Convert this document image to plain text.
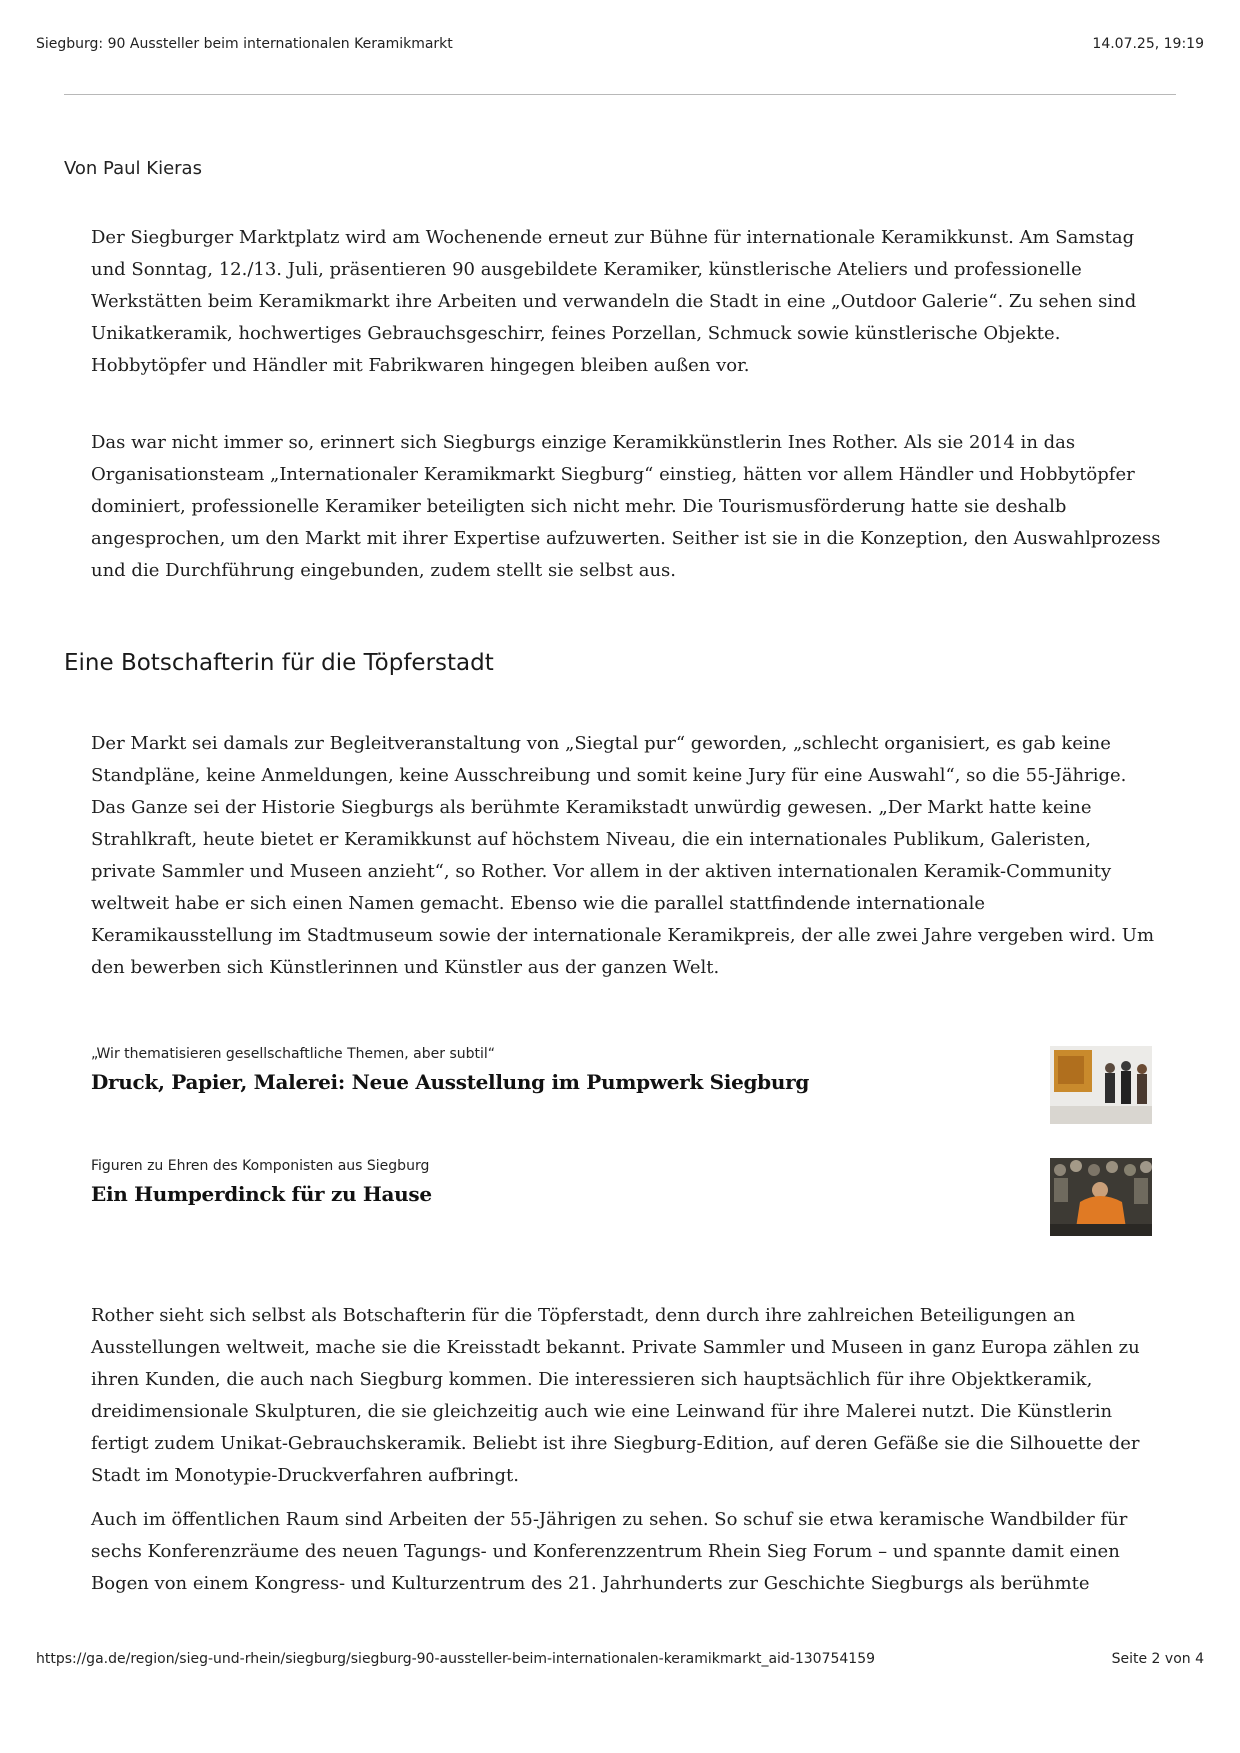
Siegburg: 90 Aussteller beim internationalen Keramikmarkt	14.07.25, 19:19
Von Paul Kieras

Der Siegburger Marktplatz wird am Wochenende erneut zur Bühne für internationale Keramikkunst. Am Samstag und Sonntag, 12./13. Juli, präsentieren 90 ausgebildete Keramiker, künstlerische Ateliers und professionelle Werkstätten beim Keramikmarkt ihre Arbeiten und verwandeln die Stadt in eine „Outdoor Galerie“. Zu sehen sind Unikatkeramik, hochwertiges Gebrauchsgeschirr, feines Porzellan, Schmuck sowie künstlerische Objekte. Hobbytöpfer und Händler mit Fabrikwaren hingegen bleiben außen vor.

Das war nicht immer so, erinnert sich Siegburgs einzige Keramikkünstlerin Ines Rother. Als sie 2014 in das Organisationsteam „Internationaler Keramikmarkt Siegburg“ einstieg, hätten vor allem Händler und Hobbytöpfer dominiert, professionelle Keramiker beteiligten sich nicht mehr. Die Tourismusförderung hatte sie deshalb angesprochen, um den Markt mit ihrer Expertise aufzuwerten. Seither ist sie in die Konzeption, den Auswahlprozess und die Durchführung eingebunden, zudem stellt sie selbst aus.

Eine Botschafterin für die Töpferstadt

Der Markt sei damals zur Begleitveranstaltung von „Siegtal pur“ geworden, „schlecht organisiert, es gab keine Standpläne, keine Anmeldungen, keine Ausschreibung und somit keine Jury für eine Auswahl“, so die 55-Jährige. Das Ganze sei der Historie Siegburgs als berühmte Keramikstadt unwürdig gewesen. „Der Markt hatte keine Strahlkraft, heute bietet er Keramikkunst auf höchstem Niveau, die ein internationales Publikum, Galeristen, private Sammler und Museen anzieht“, so Rother. Vor allem in der aktiven internationalen Keramik-Community weltweit habe er sich einen Namen gemacht. Ebenso wie die parallel stattfindende internationale Keramikausstellung im Stadtmuseum sowie der internationale Keramikpreis, der alle zwei Jahre vergeben wird. Um den bewerben sich Künstlerinnen und Künstler aus der ganzen Welt.

„Wir thematisieren gesellschaftliche Themen, aber subtil“
Druck, Papier, Malerei: Neue Ausstellung im Pumpwerk Siegburg
Figuren zu Ehren des Komponisten aus Siegburg
Ein Humperdinck für zu Hause

Rother sieht sich selbst als Botschafterin für die Töpferstadt, denn durch ihre zahlreichen Beteiligungen an Ausstellungen weltweit, mache sie die Kreisstadt bekannt. Private Sammler und Museen in ganz Europa zählen zu ihren Kunden, die auch nach Siegburg kommen. Die interessieren sich hauptsächlich für ihre Objektkeramik, dreidimensionale Skulpturen, die sie gleichzeitig auch wie eine Leinwand für ihre Malerei nutzt. Die Künstlerin fertigt zudem Unikat-Gebrauchskeramik. Beliebt ist ihre Siegburg-Edition, auf deren Gefäße sie die Silhouette der Stadt im Monotypie-Druckverfahren aufbringt.

Auch im öffentlichen Raum sind Arbeiten der 55-Jährigen zu sehen. So schuf sie etwa keramische Wandbilder für sechs Konferenzräume des neuen Tagungs- und Konferenzzentrum Rhein Sieg Forum – und spannte damit einen Bogen von einem Kongress- und Kulturzentrum des 21. Jahrhunderts zur Geschichte Siegburgs als berühmte

https://ga.de/region/sieg-und-rhein/siegburg/siegburg-90-aussteller-beim-internationalen-keramikmarkt_aid-130754159	Seite 2 von 4
